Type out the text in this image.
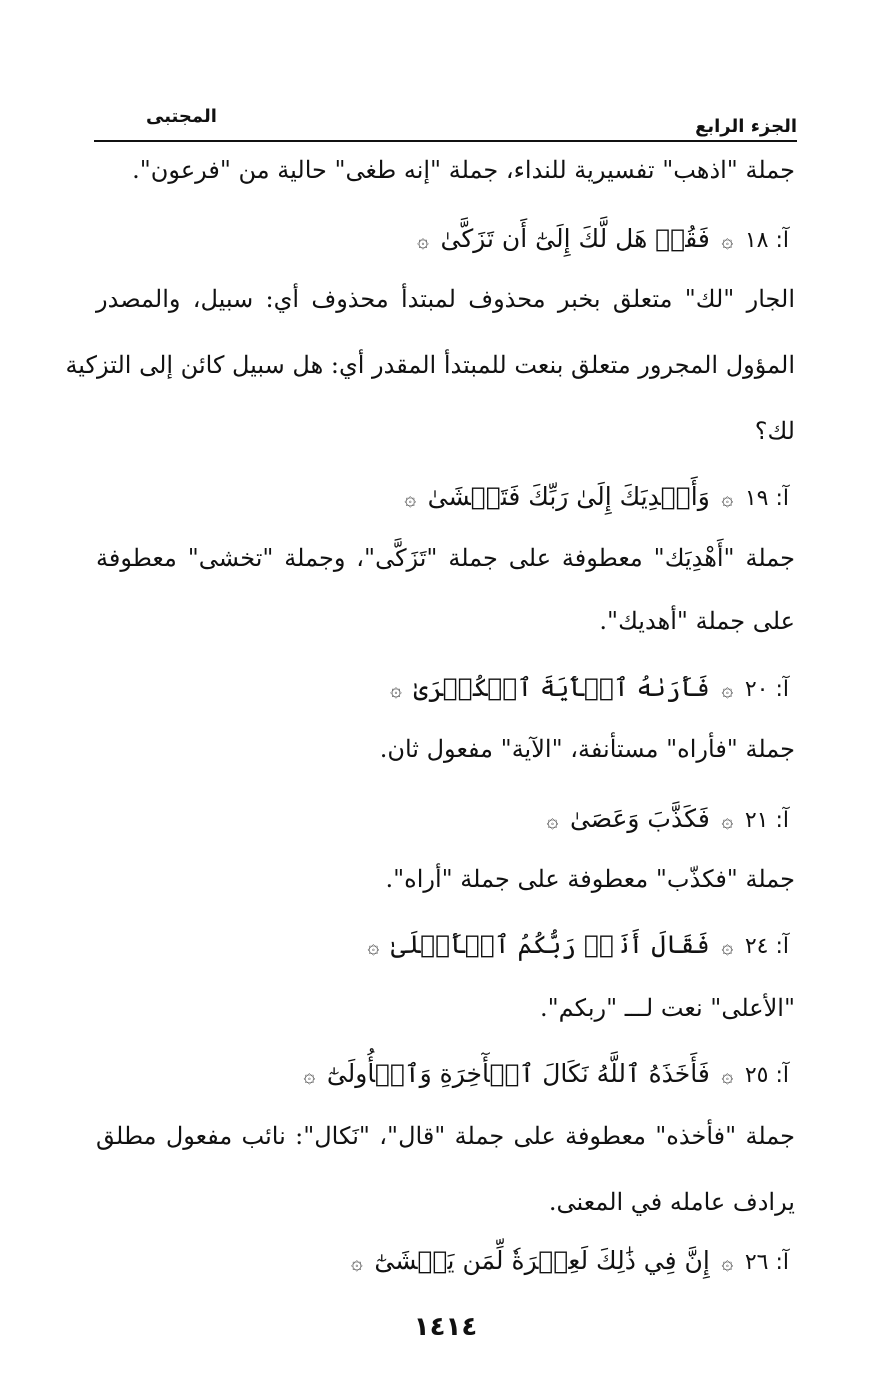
الجزء الرابع
المجتبى
جملة "اذهب" تفسيرية للنداء، جملة "إنه طغى" حالية من "فرعون".
آ: ١٨ ۞ فَقُلۡ هَل لَّكَ إِلَىٰٓ أَن تَزَكَّىٰ ۞
الجار "لك" متعلق بخبر محذوف لمبتدأ محذوف أي: سبيل، والمصدر
المؤول المجرور متعلق بنعت للمبتدأ المقدر أي: هل سبيل كائن إلى التزكية
لك؟
آ: ١٩ ۞ وَأَهۡدِيَكَ إِلَىٰ رَبِّكَ فَتَخۡشَىٰ ۞
جملة "أَهْدِيَك" معطوفة على جملة "تَزَكَّى"، وجملة "تخشى" معطوفة
على جملة "أهديك".
آ: ٢٠ ۞ فَأَرَىٰهُ ٱلۡأٓيَةَ ٱلۡكُبۡرَىٰ ۞
جملة "فأراه" مستأنفة، "الآية" مفعول ثان.
آ: ٢١ ۞ فَكَذَّبَ وَعَصَىٰ ۞
جملة "فكذّب" معطوفة على جملة "أراه".
آ: ٢٤ ۞ فَقَالَ أَنَا۠ رَبُّكُمُ ٱلۡأَعۡلَىٰ ۞
"الأعلى" نعت لـــ "ربكم".
آ: ٢٥ ۞ فَأَخَذَهُ ٱللَّهُ نَكَالَ ٱلۡأٓخِرَةِ وَٱلۡأُولَىٰٓ ۞
جملة "فأخذه" معطوفة على جملة "قال"، "نَكال": نائب مفعول مطلق
يرادف عامله في المعنى.
آ: ٢٦ ۞ إِنَّ فِي ذَٰلِكَ لَعِبۡرَةٗ لِّمَن يَخۡشَىٰٓ ۞
١٤١٤
